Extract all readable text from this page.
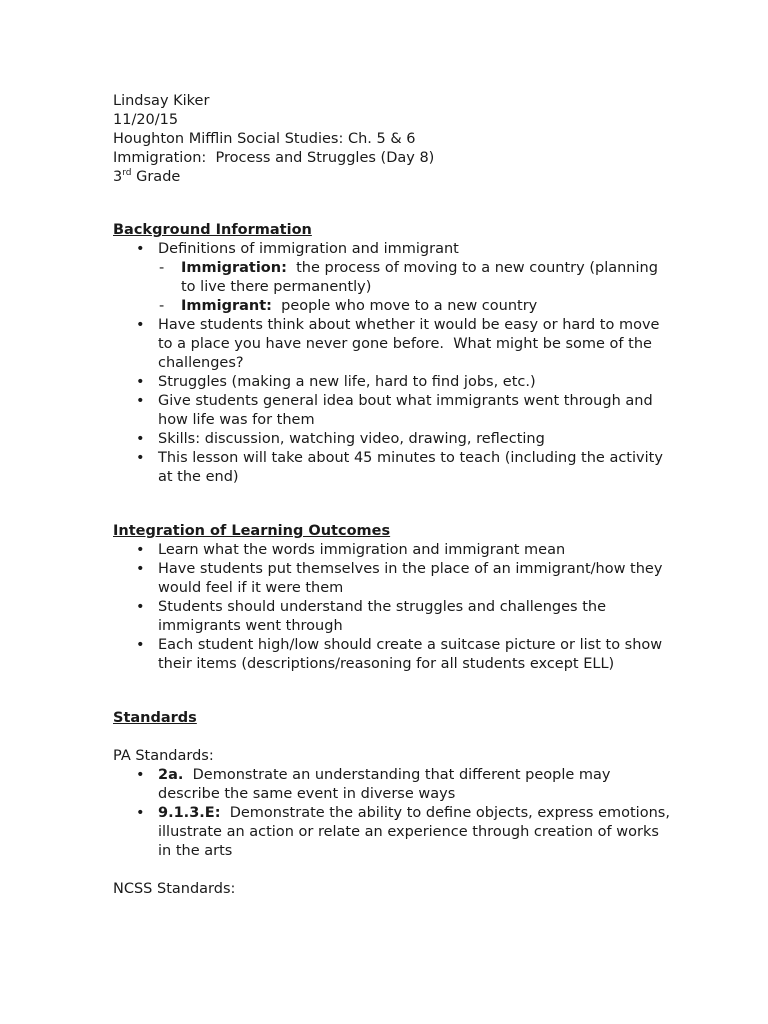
Lindsay Kiker
11/20/15
Houghton Mifflin Social Studies: Ch. 5 & 6
Immigration:  Process and Struggles (Day 8)
3rd Grade
Background Information
• Definitions of immigration and immigrant
- Immigration:  the process of moving to a new country (planning to live there permanently)
- Immigrant:  people who move to a new country
• Have students think about whether it would be easy or hard to move to a place you have never gone before.  What might be some of the challenges?
• Struggles (making a new life, hard to find jobs, etc.)
• Give students general idea bout what immigrants went through and how life was for them
• Skills: discussion, watching video, drawing, reflecting
• This lesson will take about 45 minutes to teach (including the activity at the end)
Integration of Learning Outcomes
• Learn what the words immigration and immigrant mean
• Have students put themselves in the place of an immigrant/how they would feel if it were them
• Students should understand the struggles and challenges the immigrants went through
• Each student high/low should create a suitcase picture or list to show their items (descriptions/reasoning for all students except ELL)
Standards
PA Standards:
• 2a.  Demonstrate an understanding that different people may describe the same event in diverse ways
• 9.1.3.E:  Demonstrate the ability to define objects, express emotions, illustrate an action or relate an experience through creation of works in the arts
NCSS Standards:
